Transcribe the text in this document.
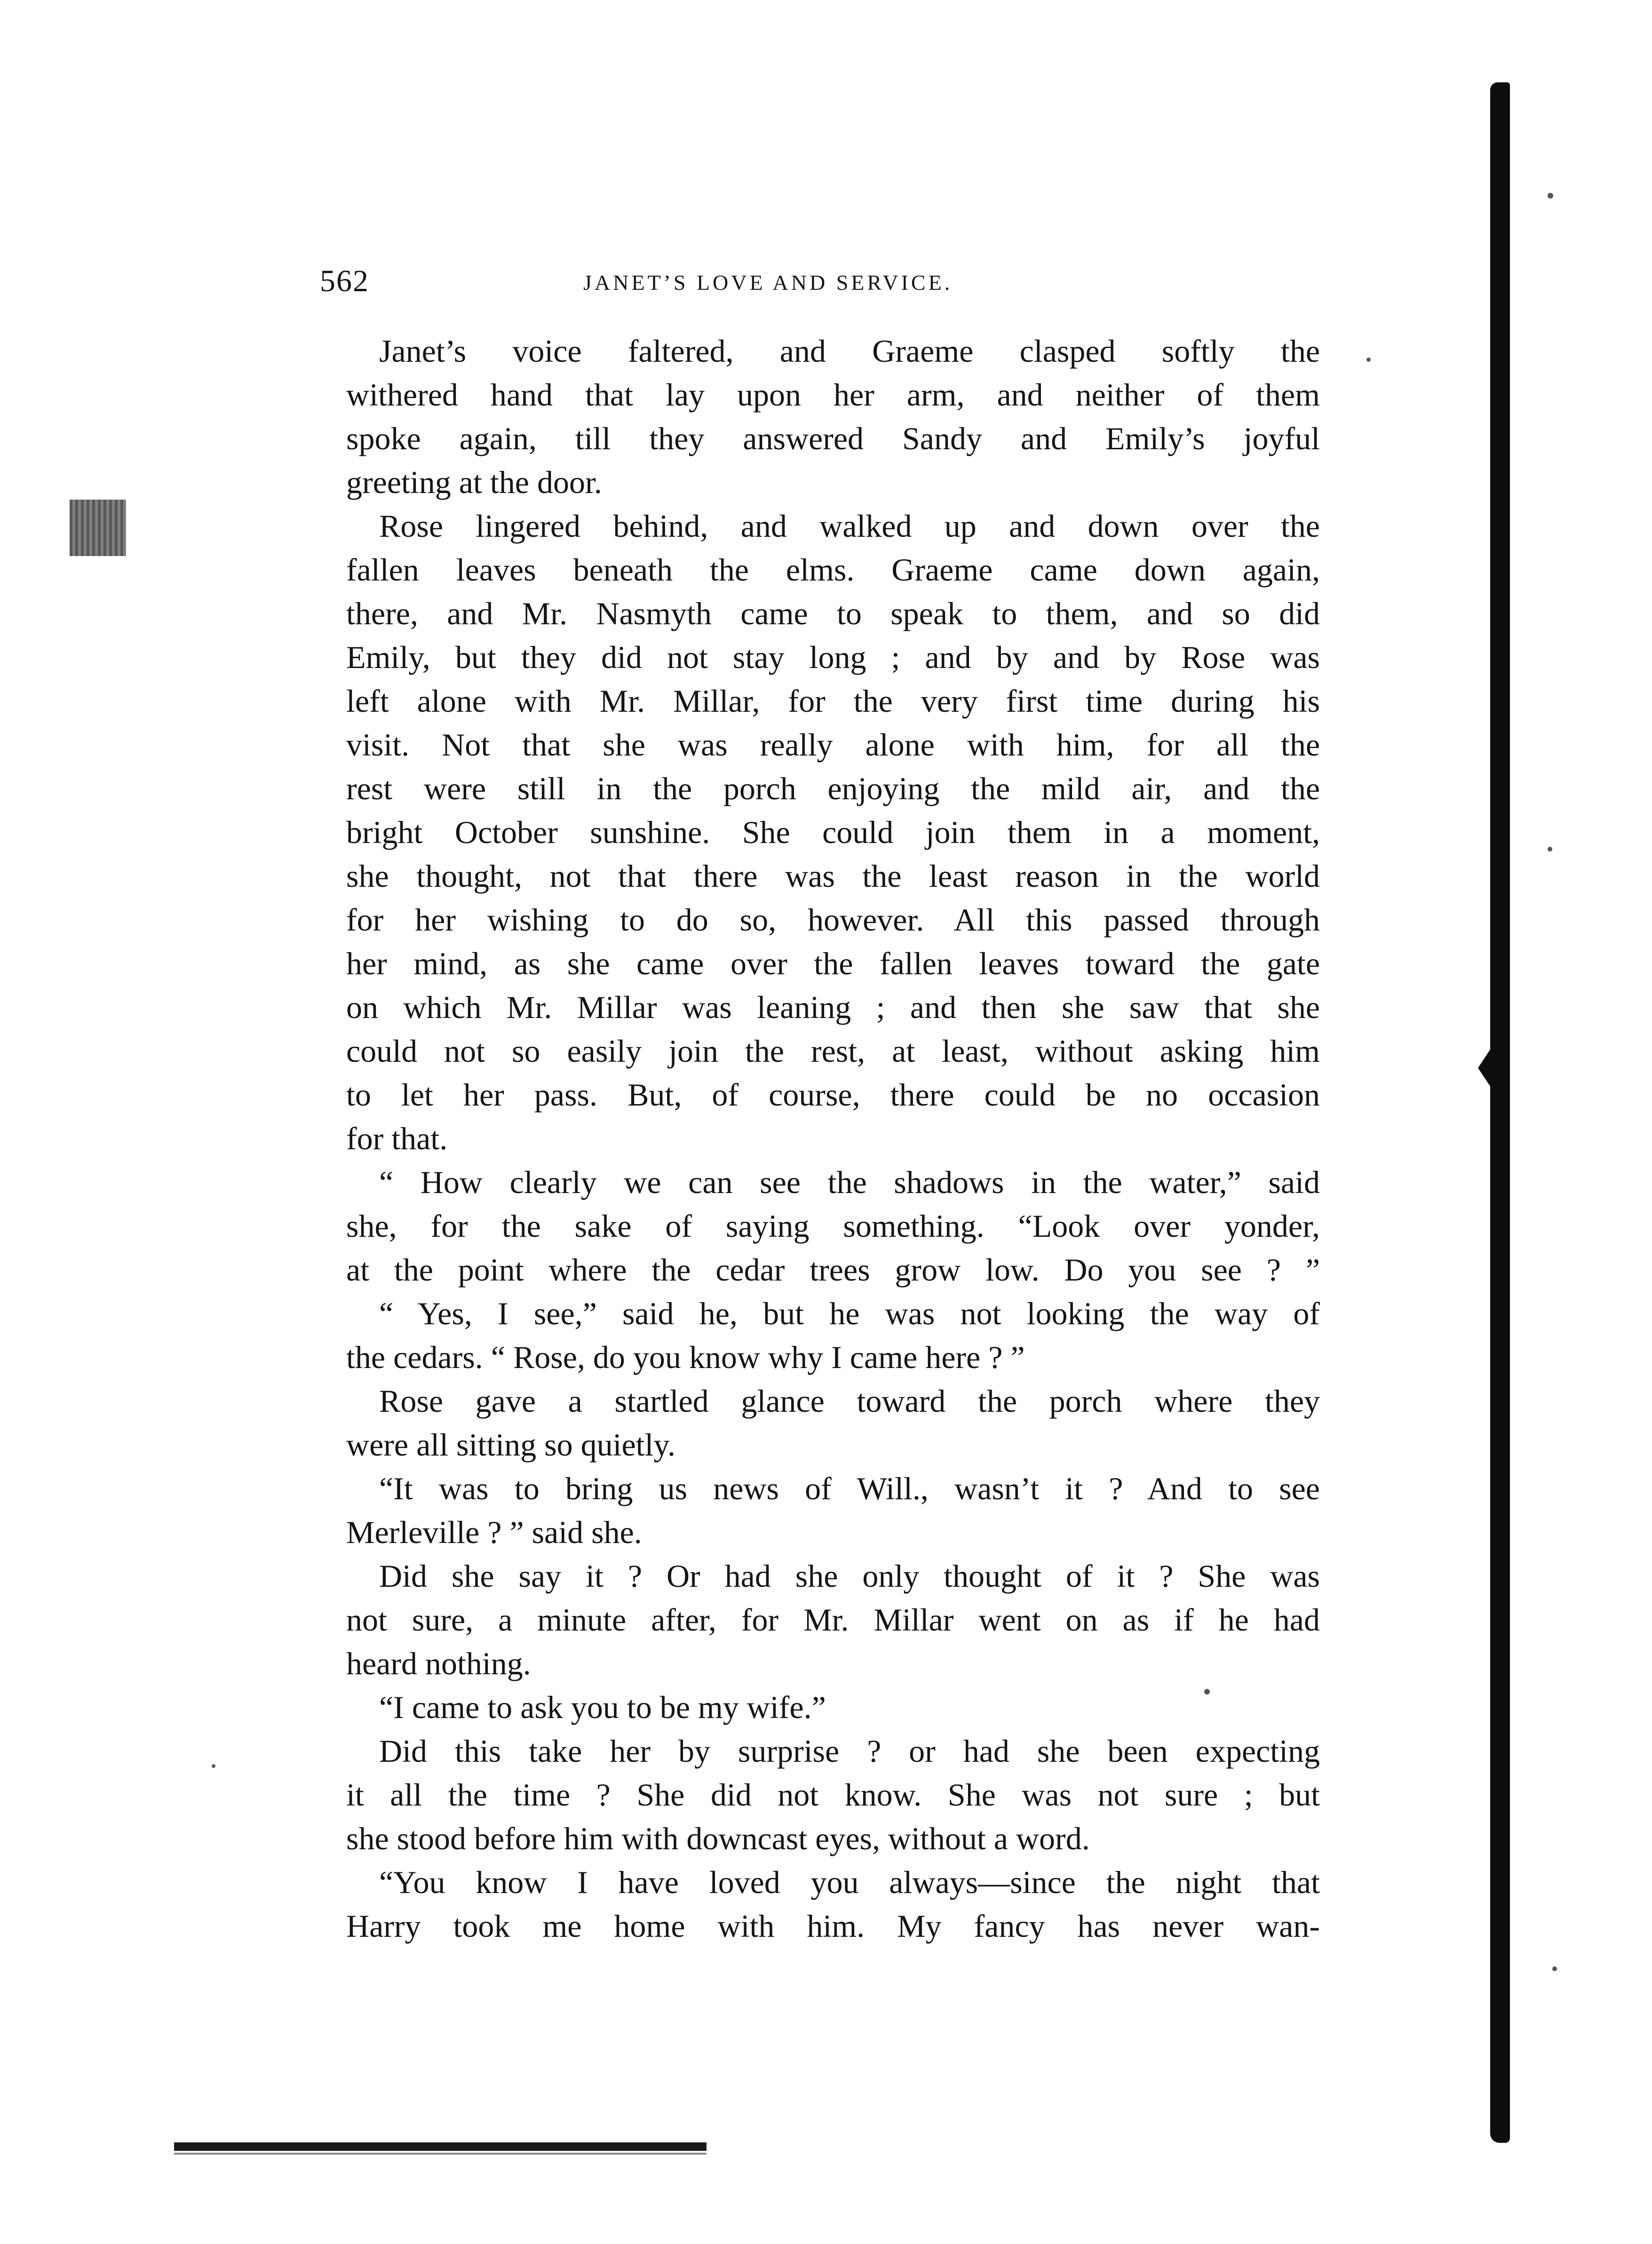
562	JANET’S LOVE AND SERVICE.
Janet’s voice faltered, and Graeme clasped softly the
withered hand that lay upon her arm, and neither of them
spoke again, till they answered Sandy and Emily’s joyful
greeting at the door.
Rose lingered behind, and walked up and down over the
fallen leaves beneath the elms. Graeme came down again,
there, and Mr. Nasmyth came to speak to them, and so did
Emily, but they did not stay long ; and by and by Rose was
left alone with Mr. Millar, for the very first time during his
visit. Not that she was really alone with him, for all the
rest were still in the porch enjoying the mild air, and the
bright October sunshine. She could join them in a moment,
she thought, not that there was the least reason in the world
for her wishing to do so, however. All this passed through
her mind, as she came over the fallen leaves toward the gate
on which Mr. Millar was leaning ; and then she saw that she
could not so easily join the rest, at least, without asking him
to let her pass. But, of course, there could be no occasion
for that.
“ How clearly we can see the shadows in the water,” said
she, for the sake of saying something. “Look over yonder,
at the point where the cedar trees grow low. Do you see ? ”
“ Yes, I see,” said he, but he was not looking the way of
the cedars. “ Rose, do you know why I came here ? ”
Rose gave a startled glance toward the porch where they
were all sitting so quietly.
“It was to bring us news of Will., wasn’t it ? And to see
Merleville ? ” said she.
Did she say it ? Or had she only thought of it ? She was
not sure, a minute after, for Mr. Millar went on as if he had
heard nothing.
“I came to ask you to be my wife.”
Did this take her by surprise ? or had she been expecting
it all the time ? She did not know. She was not sure ; but
she stood before him with downcast eyes, without a word.
“You know I have loved you always—since the night that
Harry took me home with him. My fancy has never wan-
